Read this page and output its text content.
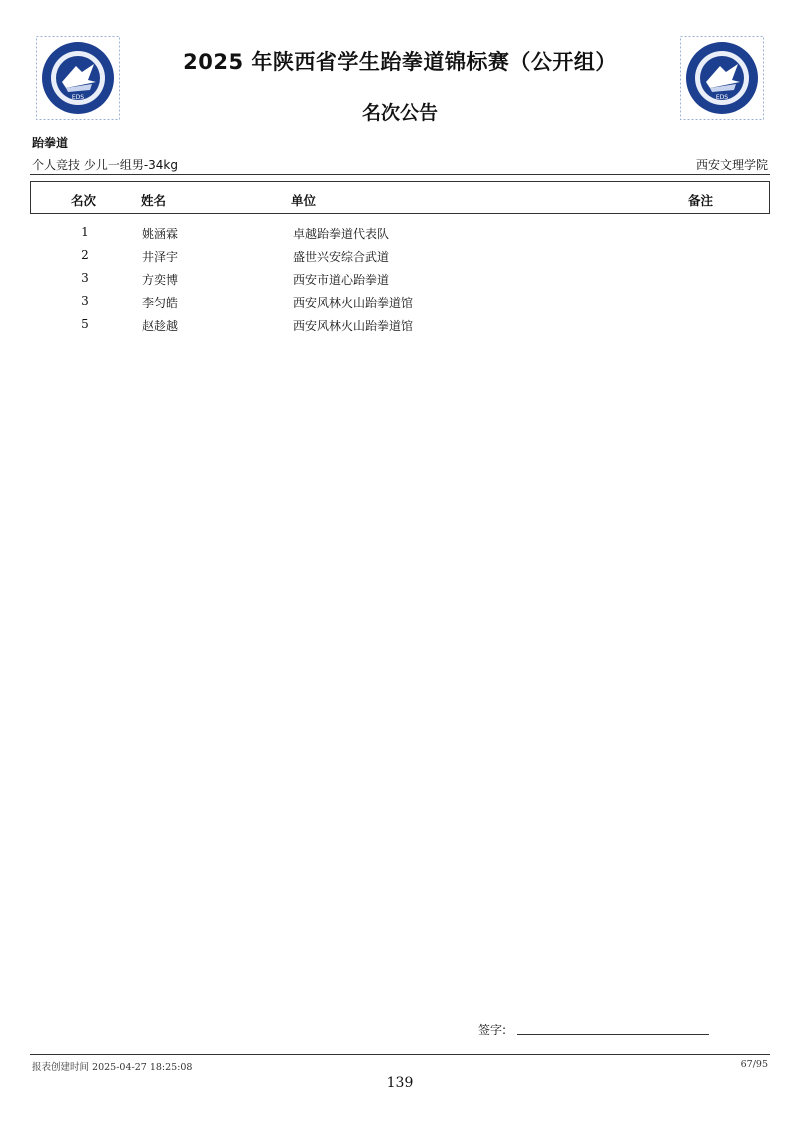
EDS	EDS
2025 年陕西省学生跆拳道锦标赛（公开组）
名次公告
跆拳道
个人竞技 少儿一组男-34kg	西安文理学院
名次	姓名	单位	备注
1	姚涵霖	卓越跆拳道代表队
2	井泽宇	盛世兴安综合武道
3	方奕博	西安市道心跆拳道
3	李匀皓	西安风林火山跆拳道馆
5	赵趁越	西安风林火山跆拳道馆
签字:
报表创建时间 2025-04-27 18:25:08	67/95
139
